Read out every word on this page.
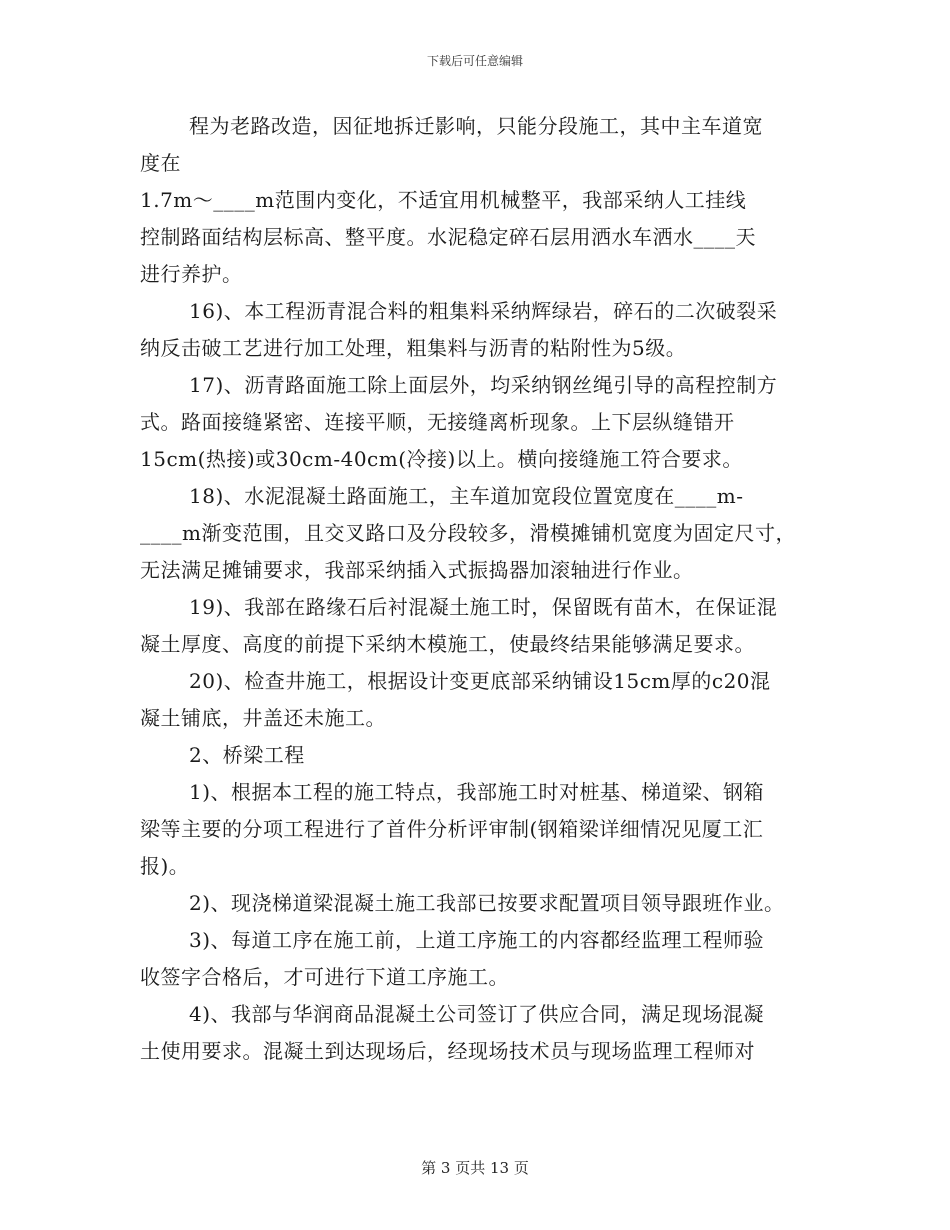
下载后可任意编辑
程为老路改造，因征地拆迁影响，只能分段施工，其中主车道宽
度在
1.7m～____m范围内变化，不适宜用机械整平，我部采纳人工挂线
控制路面结构层标高、整平度。水泥稳定碎石层用洒水车洒水____天
进行养护。
16)、本工程沥青混合料的粗集料采纳辉绿岩，碎石的二次破裂采
纳反击破工艺进行加工处理，粗集料与沥青的粘附性为5级。
17)、沥青路面施工除上面层外，均采纳钢丝绳引导的高程控制方
式。路面接缝紧密、连接平顺，无接缝离析现象。上下层纵缝错开
15cm(热接)或30cm-40cm(冷接)以上。横向接缝施工符合要求。
18)、水泥混凝土路面施工，主车道加宽段位置宽度在____m-
____m渐变范围，且交叉路口及分段较多，滑模摊铺机宽度为固定尺寸，
无法满足摊铺要求，我部采纳插入式振捣器加滚轴进行作业。
19)、我部在路缘石后衬混凝土施工时，保留既有苗木，在保证混
凝土厚度、高度的前提下采纳木模施工，使最终结果能够满足要求。
20)、检查井施工，根据设计变更底部采纳铺设15cm厚的c20混
凝土铺底，井盖还未施工。
2、桥梁工程
1)、根据本工程的施工特点，我部施工时对桩基、梯道梁、钢箱
梁等主要的分项工程进行了首件分析评审制(钢箱梁详细情况见厦工汇
报)。
2)、现浇梯道梁混凝土施工我部已按要求配置项目领导跟班作业。
3)、每道工序在施工前，上道工序施工的内容都经监理工程师验
收签字合格后，才可进行下道工序施工。
4)、我部与华润商品混凝土公司签订了供应合同，满足现场混凝
土使用要求。混凝土到达现场后，经现场技术员与现场监理工程师对
第 3 页共 13 页
